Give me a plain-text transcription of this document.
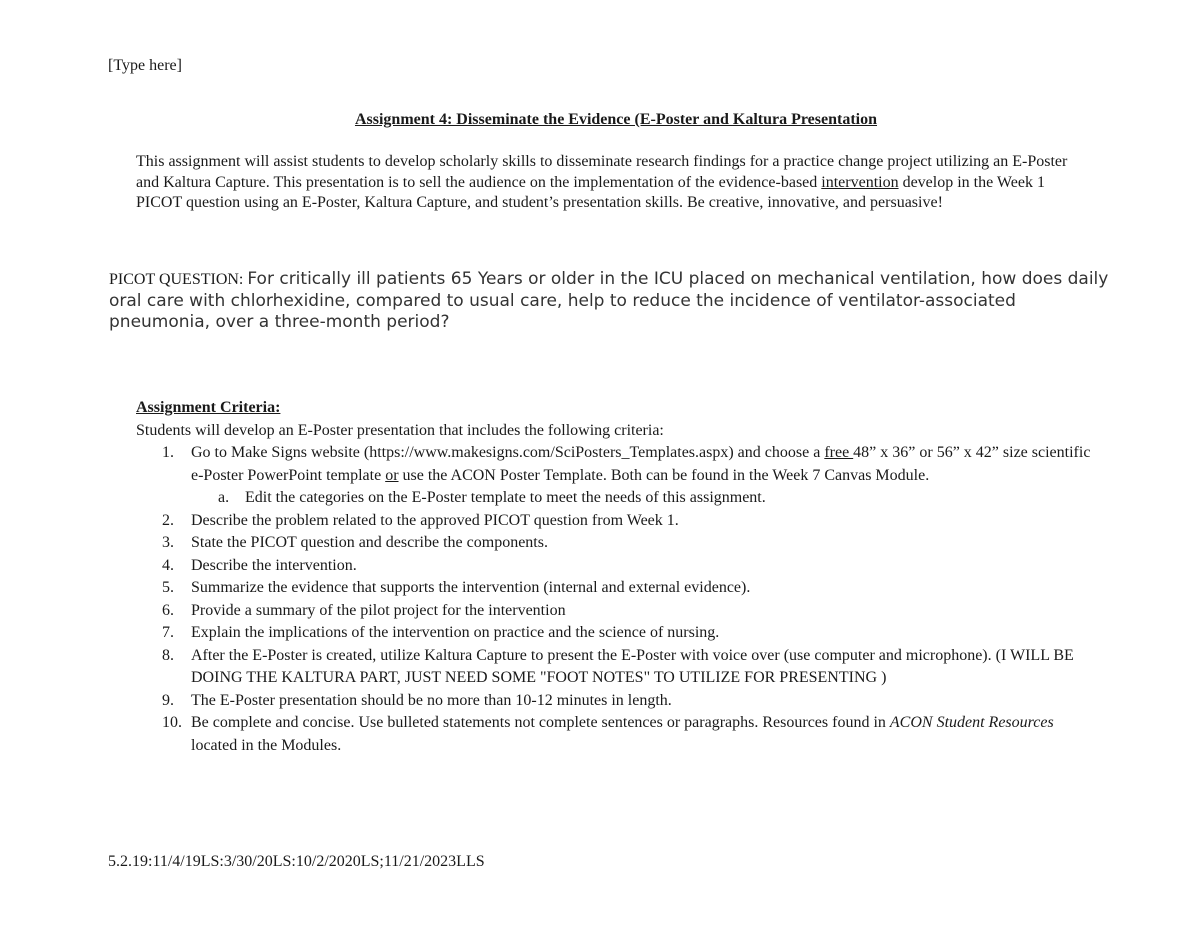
[Type here]
Assignment 4: Disseminate the Evidence (E-Poster and Kaltura Presentation
This assignment will assist students to develop scholarly skills to disseminate research findings for a practice change project utilizing an E-Poster and Kaltura Capture. This presentation is to sell the audience on the implementation of the evidence-based intervention develop in the Week 1 PICOT question using an E-Poster, Kaltura Capture, and student’s presentation skills. Be creative, innovative, and persuasive!
PICOT QUESTION: For critically ill patients 65 Years or older in the ICU placed on mechanical ventilation, how does daily oral care with chlorhexidine, compared to usual care, help to reduce the incidence of ventilator-associated pneumonia, over a three-month period?
Assignment Criteria:
Students will develop an E-Poster presentation that includes the following criteria:
1. Go to Make Signs website (https://www.makesigns.com/SciPosters_Templates.aspx) and choose a free 48” x 36” or 56” x 42” size scientific e-Poster PowerPoint template or use the ACON Poster Template. Both can be found in the Week 7 Canvas Module.
a. Edit the categories on the E-Poster template to meet the needs of this assignment.
2. Describe the problem related to the approved PICOT question from Week 1.
3. State the PICOT question and describe the components.
4. Describe the intervention.
5. Summarize the evidence that supports the intervention (internal and external evidence).
6. Provide a summary of the pilot project for the intervention
7. Explain the implications of the intervention on practice and the science of nursing.
8. After the E-Poster is created, utilize Kaltura Capture to present the E-Poster with voice over (use computer and microphone). (I WILL BE DOING THE KALTURA PART, JUST NEED SOME "FOOT NOTES" TO UTILIZE FOR PRESENTING )
9. The E-Poster presentation should be no more than 10-12 minutes in length.
10. Be complete and concise. Use bulleted statements not complete sentences or paragraphs. Resources found in ACON Student Resources located in the Modules.
5.2.19:11/4/19LS:3/30/20LS:10/2/2020LS;11/21/2023LLS
